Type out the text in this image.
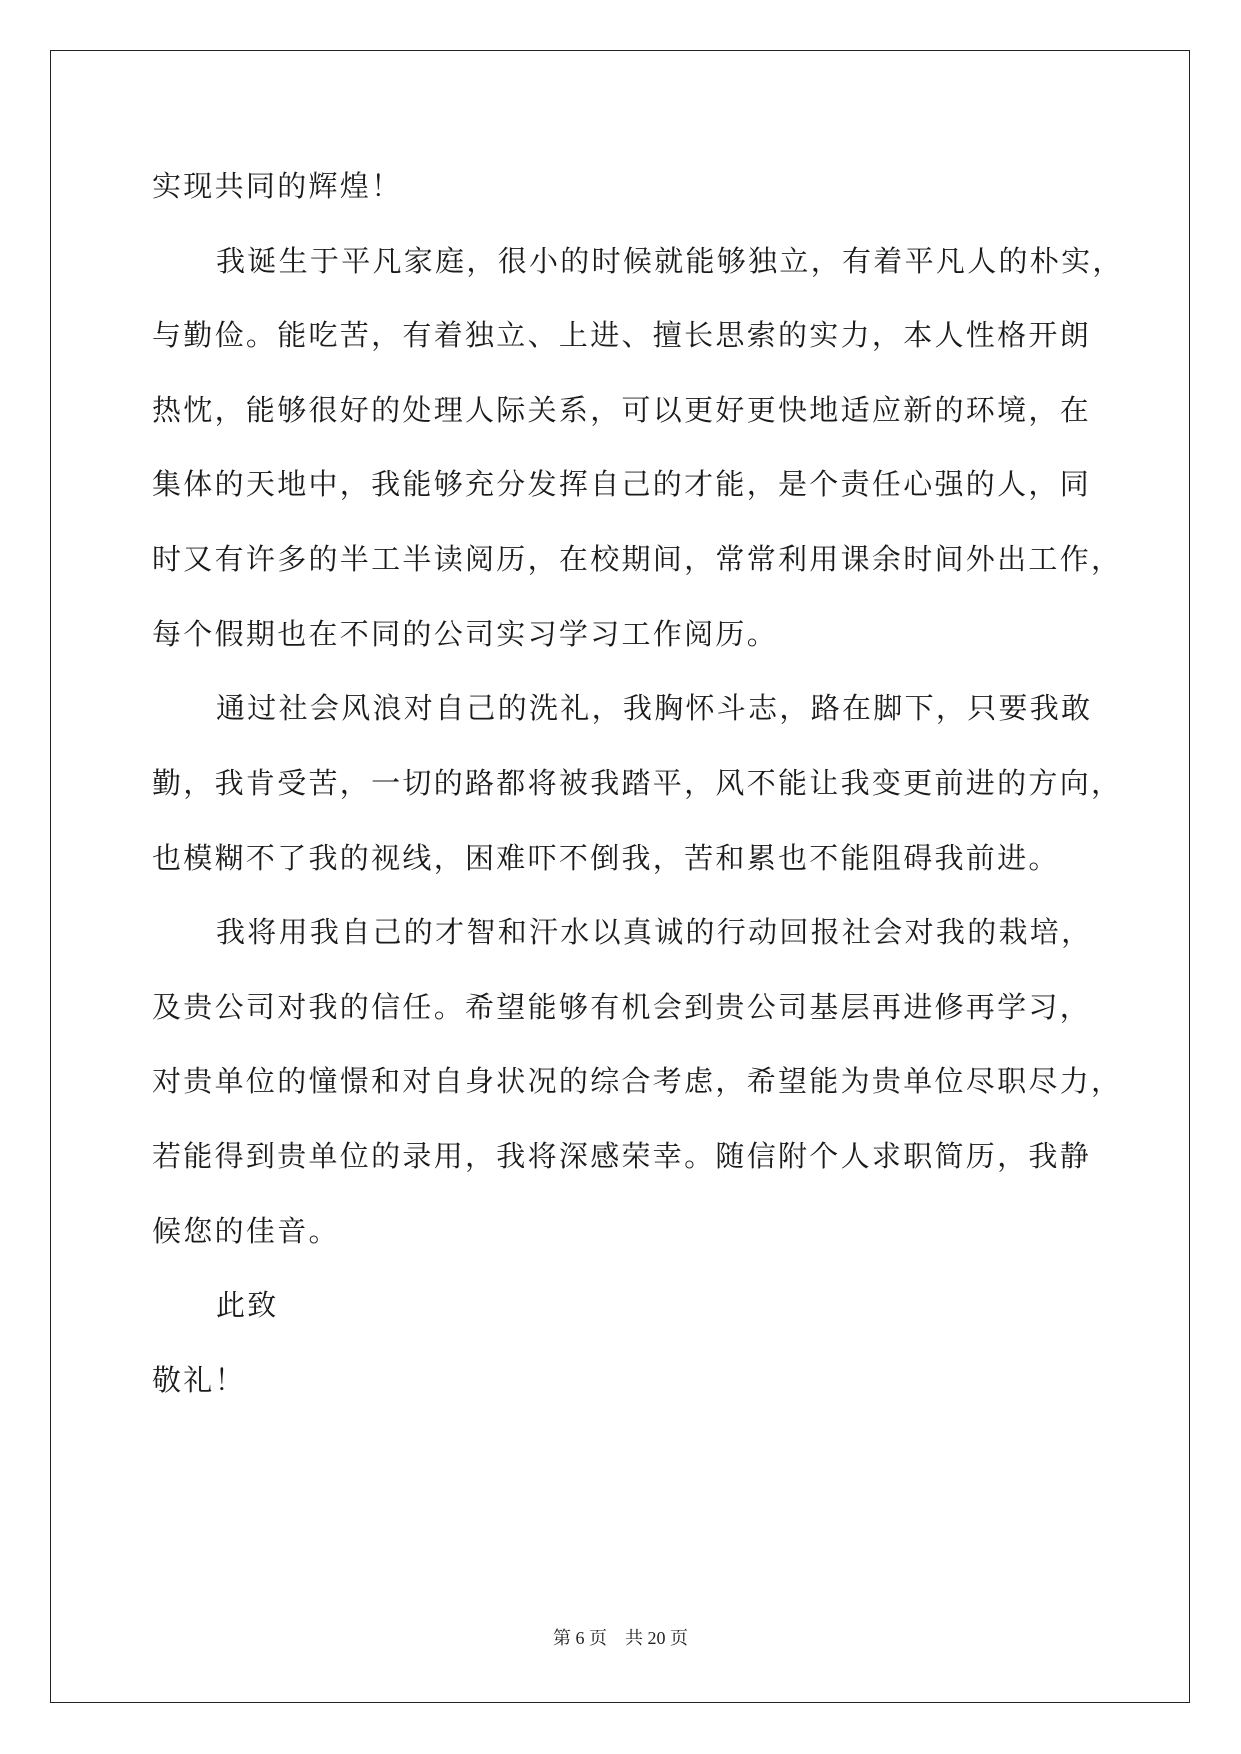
实现共同的辉煌！
我诞生于平凡家庭，很小的时候就能够独立，有着平凡人的朴实，
与勤俭。能吃苦，有着独立、上进、擅长思索的实力，本人性格开朗
热忱，能够很好的处理人际关系，可以更好更快地适应新的环境，在
集体的天地中，我能够充分发挥自己的才能，是个责任心强的人，同
时又有许多的半工半读阅历，在校期间，常常利用课余时间外出工作，
每个假期也在不同的公司实习学习工作阅历。
通过社会风浪对自己的洗礼，我胸怀斗志，路在脚下，只要我敢
勤，我肯受苦，一切的路都将被我踏平，风不能让我变更前进的方向，
也模糊不了我的视线，困难吓不倒我，苦和累也不能阻碍我前进。
我将用我自己的才智和汗水以真诚的行动回报社会对我的栽培，
及贵公司对我的信任。希望能够有机会到贵公司基层再进修再学习，
对贵单位的憧憬和对自身状况的综合考虑，希望能为贵单位尽职尽力，
若能得到贵单位的录用，我将深感荣幸。随信附个人求职简历，我静
候您的佳音。
此致
敬礼！
第 6 页    共 20 页
